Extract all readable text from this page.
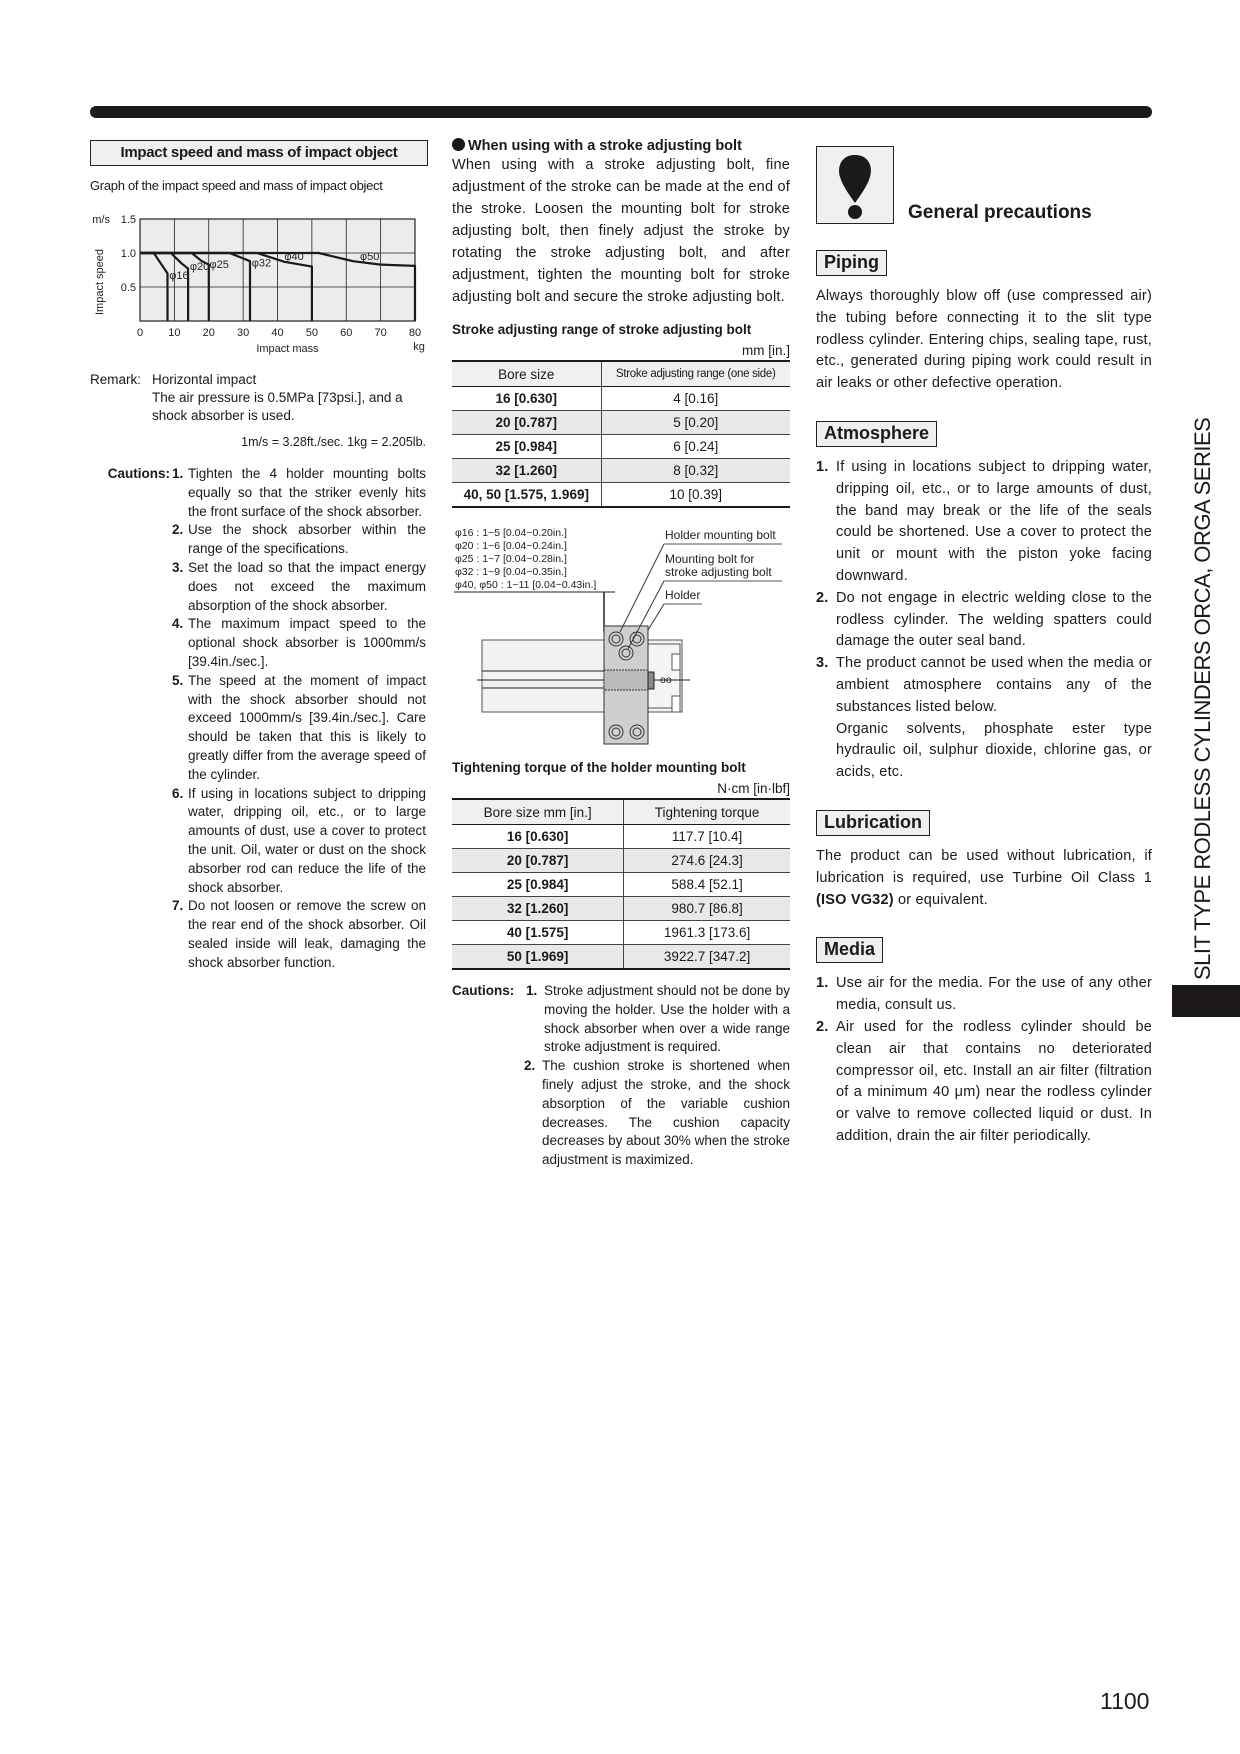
Impact speed and mass of impact object
Graph of the impact speed and mass of impact object
0 10 20 30 40 50 60 70 80
0.5
1.0
1.5
m/s
Impact mass	kg
Impact speed	φ16
φ20 φ25 φ32
φ40	φ50
Remark: Horizontal impact
The air pressure is 0.5MPa [73psi.], and a shock absorber is used.
1m/s = 3.28ft./sec. 1kg = 2.205lb.
Cautions: 1. Tighten the 4 holder mounting bolts equally so that the striker evenly hits the front surface of the shock absorber.
2. Use the shock absorber within the range of the specifications.
3. Set the load so that the impact energy does not exceed the maximum absorption of the shock absorber.
4. The maximum impact speed to the optional shock absorber is 1000mm/s [39.4in./sec.].
5. The speed at the moment of impact with the shock absorber should not exceed 1000mm/s [39.4in./sec.]. Care should be taken that this is likely to greatly differ from the average speed of the cylinder.
6. If using in locations subject to dripping water, dripping oil, etc., or to large amounts of dust, use a cover to protect the unit. Oil, water or dust on the shock absorber rod can reduce the life of the shock absorber.
7. Do not loosen or remove the screw on the rear end of the shock absorber. Oil sealed inside will leak, damaging the shock absorber function.
When using with a stroke adjusting bolt
When using with a stroke adjusting bolt, fine adjustment of the stroke can be made at the end of the stroke. Loosen the mounting bolt for stroke adjusting bolt, then finely adjust the stroke by rotating the stroke adjusting bolt, and after adjustment, tighten the mounting bolt for stroke adjusting bolt and secure the stroke adjusting bolt.
Stroke adjusting range of stroke adjusting bolt
mm [in.]
Bore size	Stroke adjusting range (one side)
16 [0.630]	4 [0.16]
20 [0.787]	5 [0.20]
25 [0.984]	6 [0.24]
32 [1.260]	8 [0.32]
40, 50 [1.575, 1.969]	10 [0.39]
φ16 : 1~5 [0.04~0.20in.]
φ20 : 1~6 [0.04~0.24in.]
φ25 : 1~7 [0.04~0.28in.]
φ32 : 1~9 [0.04~0.35in.]
φ40, φ50 : 1~11 [0.04~0.43in.]
oo
Holder mounting bolt
Mounting bolt for
stroke adjusting bolt
Holder
Tightening torque of the holder mounting bolt
N·cm [in·lbf]
Bore size mm [in.]	Tightening torque
16 [0.630]	117.7 [10.4]
20 [0.787]	274.6 [24.3]
25 [0.984]	588.4 [52.1]
32 [1.260]	980.7 [86.8]
40 [1.575]	1961.3 [173.6]
50 [1.969]	3922.7 [347.2]
Cautions: 1. Stroke adjustment should not be done by moving the holder. Use the holder with a shock absorber when over a wide range stroke adjustment is required.
2. The cushion stroke is shortened when finely adjust the stroke, and the shock absorption of the variable cushion decreases. The cushion capacity decreases by about 30% when the stroke adjustment is maximized.
General precautions
Piping
Always thoroughly blow off (use compressed air) the tubing before connecting it to the slit type rodless cylinder. Entering chips, sealing tape, rust, etc., generated during piping work could result in air leaks or other defective operation.
Atmosphere
1. If using in locations subject to dripping water, dripping oil, etc., or to large amounts of dust, the band may break or the life of the seals could be shortened. Use a cover to protect the unit or mount with the piston yoke facing downward.
2. Do not engage in electric welding close to the rodless cylinder. The welding spatters could damage the outer seal band.
3. The product cannot be used when the media or ambient atmosphere contains any of the substances listed below.
Organic solvents, phosphate ester type hydraulic oil, sulphur dioxide, chlorine gas, or acids, etc.
Lubrication
The product can be used without lubrication, if lubrication is required, use Turbine Oil Class 1 (ISO VG32) or equivalent.
Media
1. Use air for the media. For the use of any other media, consult us.
2. Air used for the rodless cylinder should be clean air that contains no deteriorated compressor oil, etc. Install an air filter (filtration of a minimum 40 μm) near the rodless cylinder or valve to remove collected liquid or dust. In addition, drain the air filter periodically.
SLIT TYPE RODLESS CYLINDERS ORCA, ORGA SERIES
1100
